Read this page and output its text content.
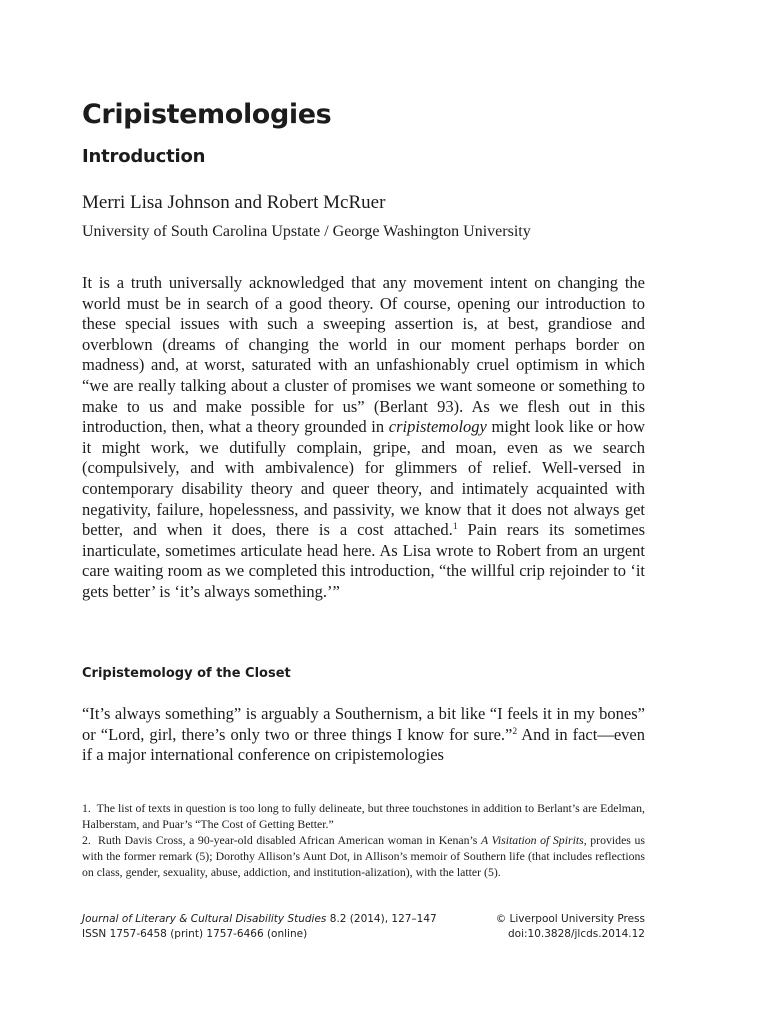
Cripistemologies
Introduction
Merri Lisa Johnson and Robert McRuer
University of South Carolina Upstate / George Washington University

It is a truth universally acknowledged that any movement intent on changing the world must be in search of a good theory. Of course, opening our introduction to these special issues with such a sweeping assertion is, at best, grandiose and overblown (dreams of changing the world in our moment perhaps border on madness) and, at worst, saturated with an unfashionably cruel optimism in which “we are really talking about a cluster of promises we want someone or something to make to us and make possible for us” (Berlant 93). As we flesh out in this introduction, then, what a theory grounded in cripistemology might look like or how it might work, we dutifully complain, gripe, and moan, even as we search (compulsively, and with ambivalence) for glimmers of relief. Well-versed in contemporary disability theory and queer theory, and intimately acquainted with negativity, failure, hopelessness, and passivity, we know that it does not always get better, and when it does, there is a cost attached.$^1$ Pain rears its sometimes inarticulate, sometimes articulate head here. As Lisa wrote to Robert from an urgent care waiting room as we completed this introduction, “the willful crip rejoinder to ‘it gets better’ is ‘it’s always something.’”

Cripistemology of the Closet

“It’s always something” is arguably a Southernism, a bit like “I feels it in my bones” or “Lord, girl, there’s only two or three things I know for sure.”$^2$ And in fact—even if a major international conference on cripistemologies

1. The list of texts in question is too long to fully delineate, but three touchstones in addition to Berlant’s are Edelman, Halberstam, and Puar’s “The Cost of Getting Better.”

2. Ruth Davis Cross, a 90-year-old disabled African American woman in Kenan’s A Visitation of Spirits, provides us with the former remark (5); Dorothy Allison’s Aunt Dot, in Allison’s memoir of Southern life (that includes reflections on class, gender, sexuality, abuse, addiction, and institution-alization), with the latter (5).

Journal of Literary & Cultural Disability Studies 8.2 (2014), 127–147	© Liverpool University Press
ISSN 1757-6458 (print) 1757-6466 (online)	doi:10.3828/jlcds.2014.12
